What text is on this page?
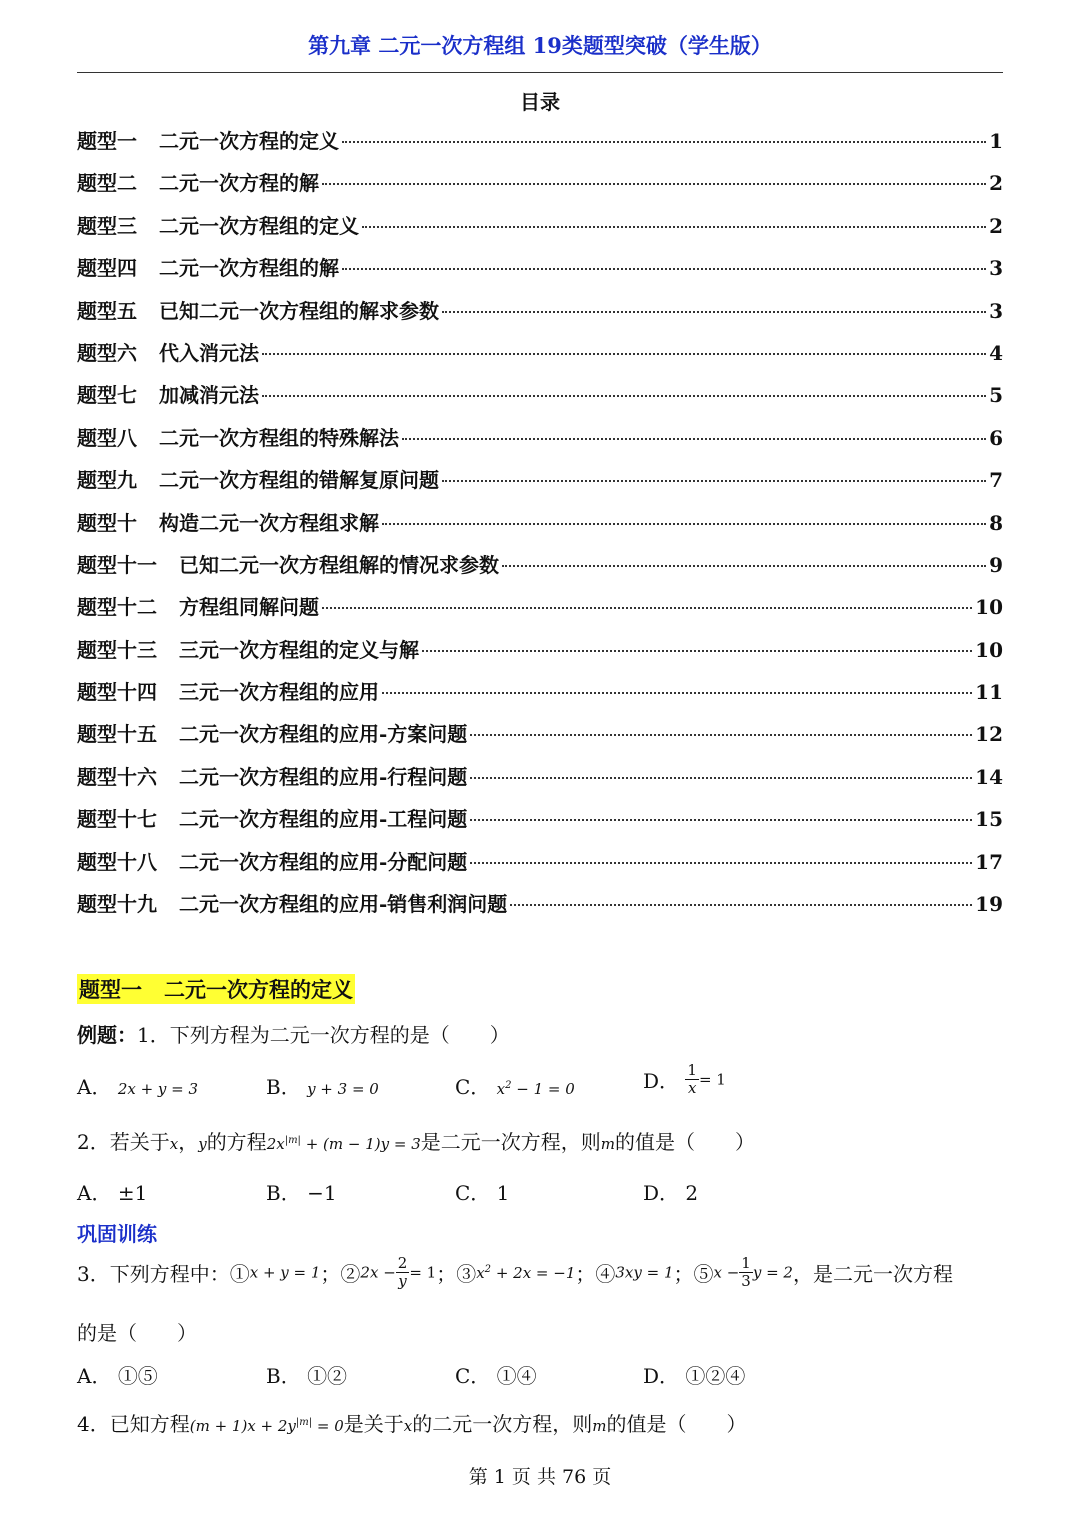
第九章 二元一次方程组 19类题型突破（学生版）
目录
题型一 二元一次方程的定义	1
题型二 二元一次方程的解	2
题型三 二元一次方程组的定义	2
题型四 二元一次方程组的解	3
题型五 已知二元一次方程组的解求参数	3
题型六 代入消元法	4
题型七 加减消元法	5
题型八 二元一次方程组的特殊解法	6
题型九 二元一次方程组的错解复原问题	7
题型十 构造二元一次方程组求解	8
题型十一 已知二元一次方程组解的情况求参数	9
题型十二 方程组同解问题	10
题型十三 三元一次方程组的定义与解	10
题型十四 三元一次方程组的应用	11
题型十五 二元一次方程组的应用-方案问题	12
题型十六 二元一次方程组的应用-行程问题	14
题型十七 二元一次方程组的应用-工程问题	15
题型十八 二元一次方程组的应用-分配问题	17
题型十九 二元一次方程组的应用-销售利润问题	19
题型一 二元一次方程的定义
例题：1．下列方程为二元一次方程的是（　　）
A． 2x + y = 3	B． y + 3 = 0	C． $x^2 - 1 = 0$	D． $\frac{1}{x} = 1$
2．若关于x，y的方程$2x^{|m|} + (m - 1)y = 3$是二元一次方程，则m的值是（　　）
A． ±1	B． −1	C． 1	D． 2
巩固训练
3．下列方程中：①x + y = 1；②2x − $\frac{2}{y} = 1$；$③x^2 + 2x = -1$；④3xy = 1；⑤x − $\frac{1}{3}$ y = 2，是二元一次方程
的是（　　）
A． ①⑤	B． ①②	C． ①④	D． ①②④
4．已知方程$(m + 1)x + 2y^{|m|} = 0$是关于x的二元一次方程，则m的值是（　　）
第 1 页 共 76 页
